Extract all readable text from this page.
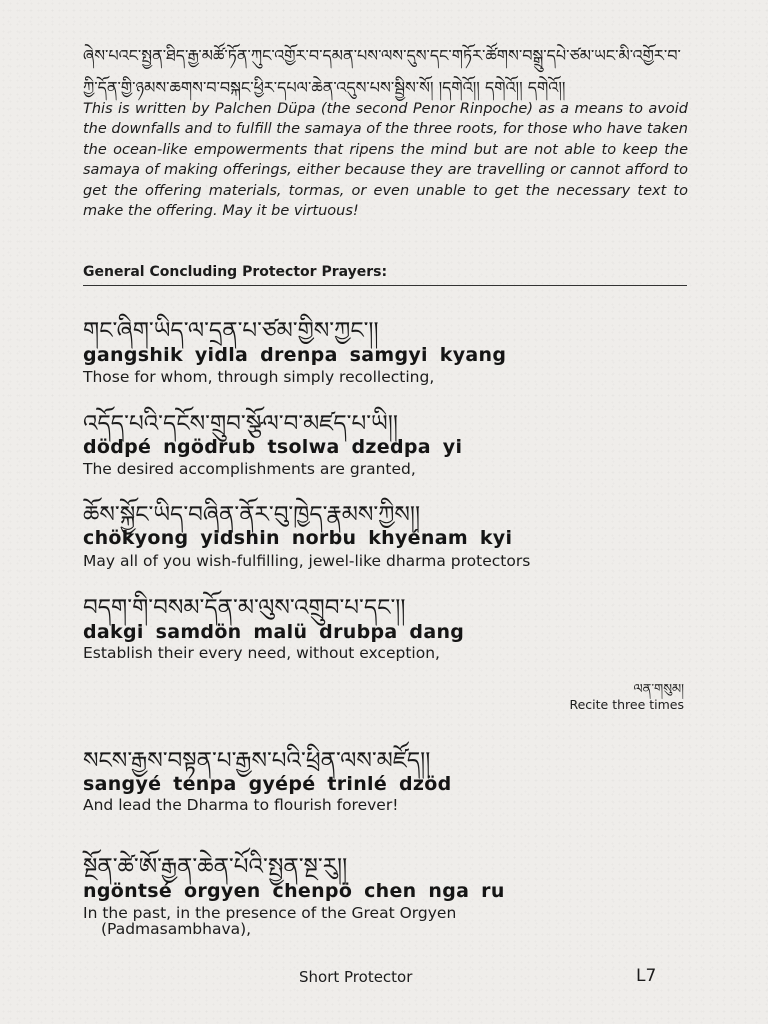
ཞེས་པའང་སྤྱན་ཐིད་རྒྱ་མཚོ་ཏོན་ཀུང་འགྱོར་བ་དམན་པས་ལས་དུས་དང་གཏོར་ཚོགས་བསྒྲུ་དཔེ་ཙམ་ཡང་མི་འགྱོར་བ་
ཀྱི་དོན་གྱི་ཉམས་ཆགས་བ་བསྐང་ཕྱིར་དཔལ་ཆེན་འདུས་པས་སྦྱིས་སོ། །དགེའོ།། དགེའོ།། དགེའོ།།
This is written by Palchen Düpa (the second Penor Rinpoche) as a means to avoid the downfalls and to fulfill the samaya of the three roots, for those who have taken the ocean-like empowerments that ripens the mind but are not able to keep the samaya of making offerings, either because they are travelling or cannot afford to get the offering materials, tormas, or even unable to get the necessary text to make the offering. May it be virtuous!
General Concluding Protector Prayers:
གང་ཞིག་ཡིད་ལ་དྲན་པ་ཙམ་གྱིས་ཀྱང་།།
gangshik yidla drenpa samgyi kyang
Those for whom, through simply recollecting,
འདོད་པའི་དངོས་གྲུབ་སྩོལ་བ་མཛད་པ་ཡི།།
dödpé ngödrub tsolwa dzedpa yi
The desired accomplishments are granted,
ཆོས་སྐྱོང་ཡིད་བཞིན་ནོར་བུ་ཁྱེད་རྣམས་ཀྱིས།།
chökyong yidshin norbu khyénam kyi
May all of you wish-fulfilling, jewel-like dharma protectors
བདག་གི་བསམ་དོན་མ་ལུས་འགྲུབ་པ་དང་།།
dakgi samdön malü drubpa dang
Establish their every need, without exception,
ལན་གསུམ།
Recite three times
སངས་རྒྱས་བསྟན་པ་རྒྱས་པའི་ཕྲིན་ལས་མཛོད།།
sangyé tenpa gyépé trinlé dzöd
And lead the Dharma to flourish forever!
སྔོན་ཚེ་ཨོ་རྒྱན་ཆེན་པོའི་སྤྱན་སྔ་རུ།།
ngöntsé orgyen chenpö chen nga ru
In the past, in the presence of the Great Orgyen
(Padmasambhava),
Short Protector	L7
